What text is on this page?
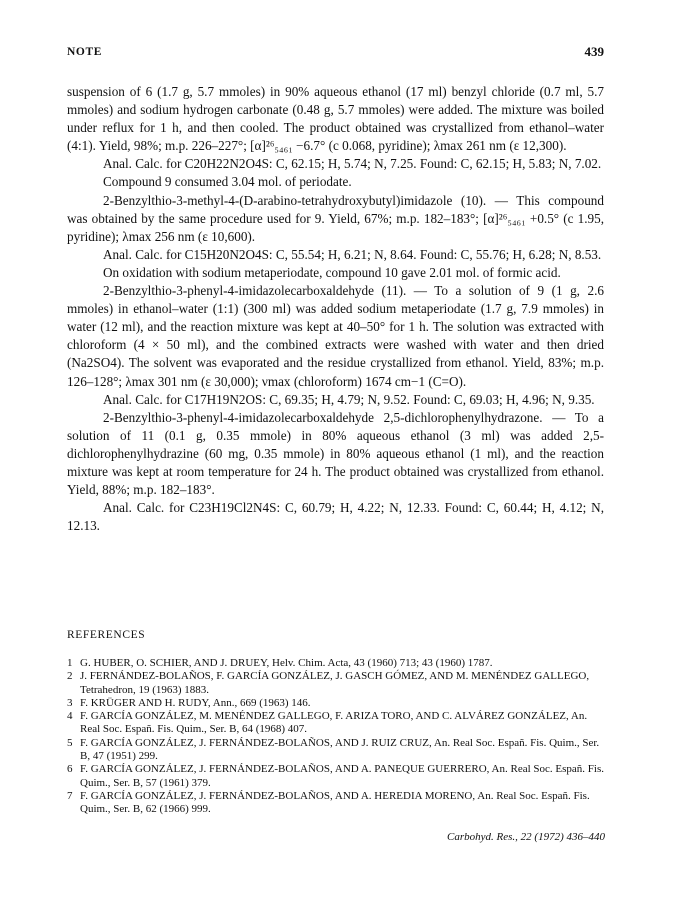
NOTE	439

suspension of 6 (1.7 g, 5.7 mmoles) in 90% aqueous ethanol (17 ml) benzyl chloride (0.7 ml, 5.7 mmoles) and sodium hydrogen carbonate (0.48 g, 5.7 mmoles) were added. The mixture was boiled under reflux for 1 h, and then cooled. The product obtained was crystallized from ethanol–water (4:1). Yield, 98%; m.p. 226–227°; [α]²⁶₅₄₆₁ −6.7° (c 0.068, pyridine); λmax 261 nm (ε 12,300).

Anal. Calc. for C20H22N2O4S: C, 62.15; H, 5.74; N, 7.25. Found: C, 62.15; H, 5.83; N, 7.02.

Compound 9 consumed 3.04 mol. of periodate.

2-Benzylthio-3-methyl-4-(D-arabino-tetrahydroxybutyl)imidazole (10). — This compound was obtained by the same procedure used for 9. Yield, 67%; m.p. 182–183°; [α]²⁶₅₄₆₁ +0.5° (c 1.95, pyridine); λmax 256 nm (ε 10,600).

Anal. Calc. for C15H20N2O4S: C, 55.54; H, 6.21; N, 8.64. Found: C, 55.76; H, 6.28; N, 8.53.

On oxidation with sodium metaperiodate, compound 10 gave 2.01 mol. of formic acid.

2-Benzylthio-3-phenyl-4-imidazolecarboxaldehyde (11). — To a solution of 9 (1 g, 2.6 mmoles) in ethanol–water (1:1) (300 ml) was added sodium metaperiodate (1.7 g, 7.9 mmoles) in water (12 ml), and the reaction mixture was kept at 40–50° for 1 h. The solution was extracted with chloroform (4 × 50 ml), and the combined extracts were washed with water and then dried (Na2SO4). The solvent was evaporated and the residue crystallized from ethanol. Yield, 83%; m.p. 126–128°; λmax 301 nm (ε 30,000); νmax (chloroform) 1674 cm−1 (C=O).

Anal. Calc. for C17H19N2OS: C, 69.35; H, 4.79; N, 9.52. Found: C, 69.03; H, 4.96; N, 9.35.

2-Benzylthio-3-phenyl-4-imidazolecarboxaldehyde 2,5-dichlorophenylhydrazone. — To a solution of 11 (0.1 g, 0.35 mmole) in 80% aqueous ethanol (3 ml) was added 2,5-dichlorophenylhydrazine (60 mg, 0.35 mmole) in 80% aqueous ethanol (1 ml), and the reaction mixture was kept at room temperature for 24 h. The product obtained was crystallized from ethanol. Yield, 88%; m.p. 182–183°.

Anal. Calc. for C23H19Cl2N4S: C, 60.79; H, 4.22; N, 12.33. Found: C, 60.44; H, 4.12; N, 12.13.

REFERENCES
1 G. HUBER, O. SCHIER, AND J. DRUEY, Helv. Chim. Acta, 43 (1960) 713; 43 (1960) 1787.
2 J. FERNÁNDEZ-BOLAÑOS, F. GARCÍA GONZÁLEZ, J. GASCH GÓMEZ, AND M. MENÉNDEZ GALLEGO, Tetrahedron, 19 (1963) 1883.
3 F. KRÜGER AND H. RUDY, Ann., 669 (1963) 146.
4 F. GARCÍA GONZÁLEZ, M. MENÉNDEZ GALLEGO, F. ARIZA TORO, AND C. ALVÁREZ GONZÁLEZ, An. Real Soc. Españ. Fis. Quim., Ser. B, 64 (1968) 407.
5 F. GARCÍA GONZÁLEZ, J. FERNÁNDEZ-BOLAÑOS, AND J. RUIZ CRUZ, An. Real Soc. Españ. Fis. Quim., Ser. B, 47 (1951) 299.
6 F. GARCÍA GONZÁLEZ, J. FERNÁNDEZ-BOLAÑOS, AND A. PANEQUE GUERRERO, An. Real Soc. Españ. Fis. Quim., Ser. B, 57 (1961) 379.
7 F. GARCÍA GONZÁLEZ, J. FERNÁNDEZ-BOLAÑOS, AND A. HEREDIA MORENO, An. Real Soc. Españ. Fis. Quim., Ser. B, 62 (1966) 999.
Carbohyd. Res., 22 (1972) 436–440
